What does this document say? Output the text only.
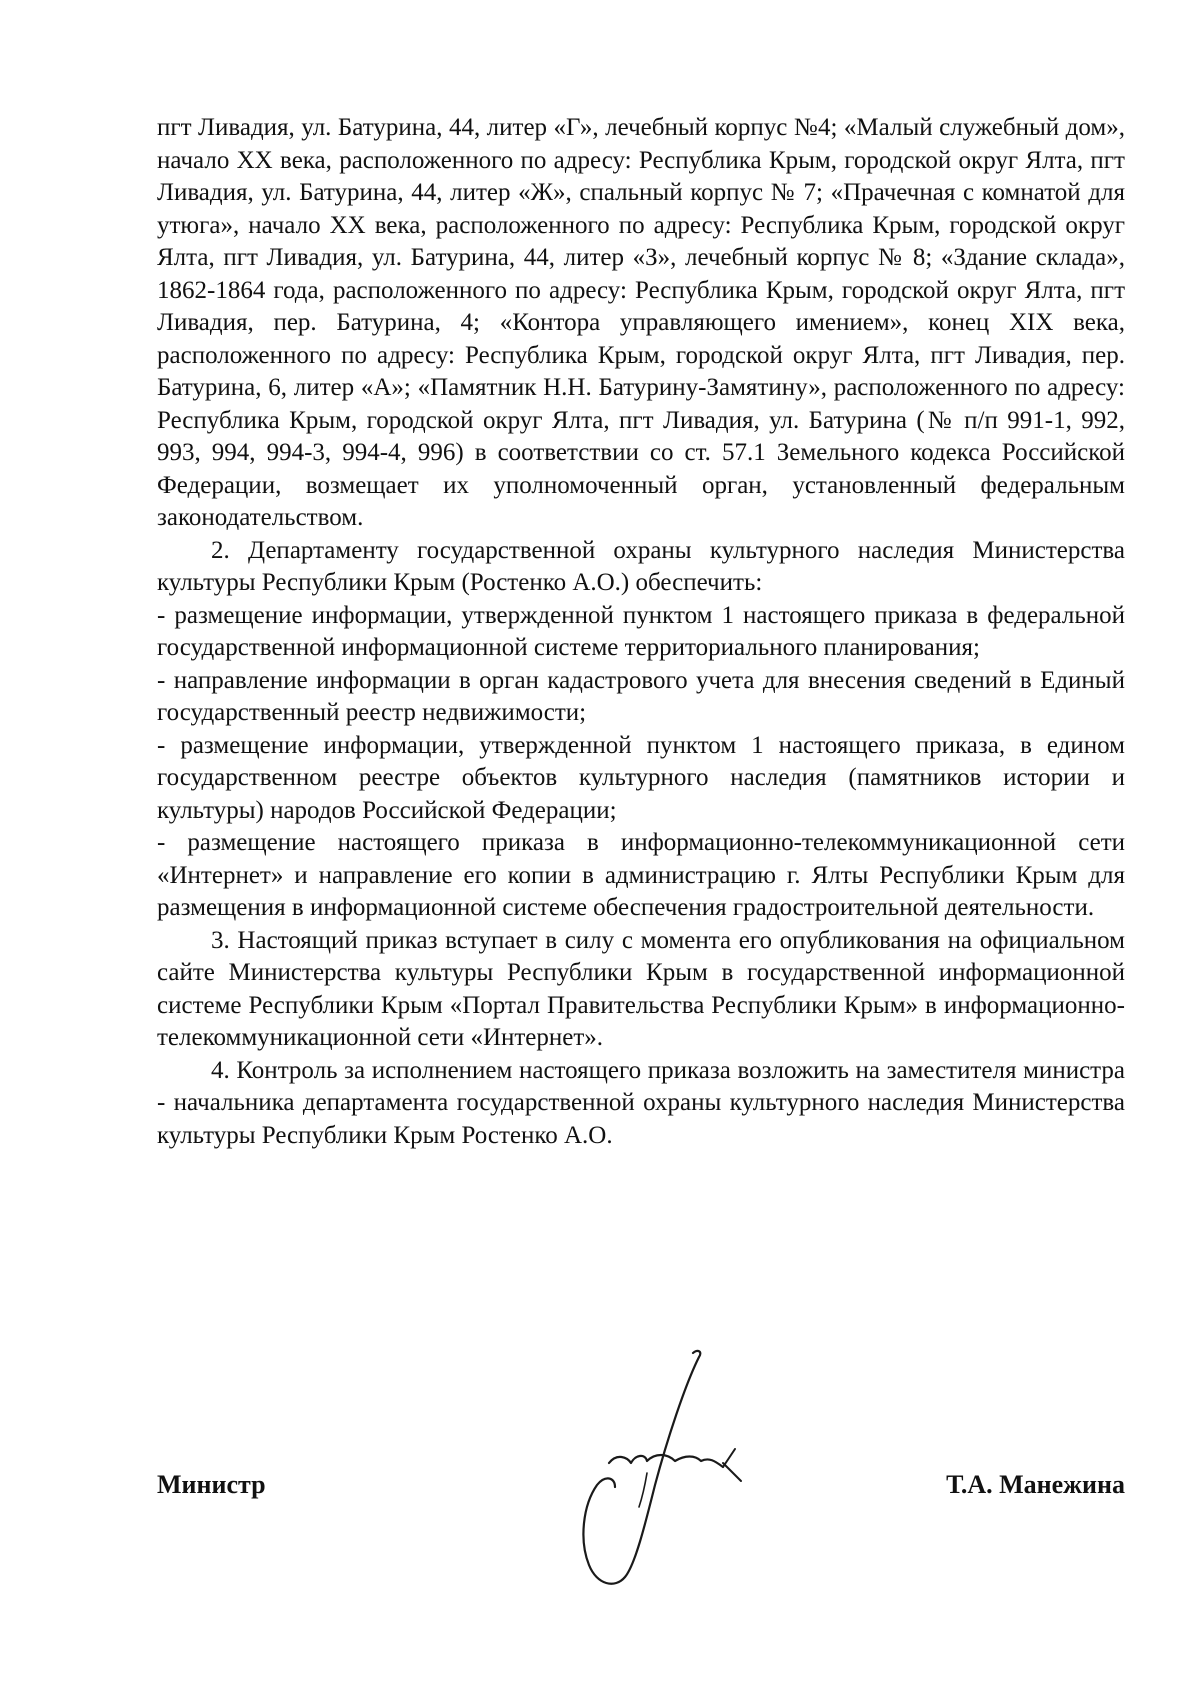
пгт Ливадия, ул. Батурина, 44, литер «Г», лечебный корпус №4; «Малый служебный дом», начало XX века, расположенного по адресу: Республика Крым, городской округ Ялта, пгт Ливадия, ул. Батурина, 44, литер «Ж», спальный корпус № 7; «Прачечная с комнатой для утюга», начало XX века, расположенного по адресу: Республика Крым, городской округ Ялта, пгт Ливадия, ул. Батурина, 44, литер «З», лечебный корпус № 8; «Здание склада», 1862-1864 года, расположенного по адресу: Республика Крым, городской округ Ялта, пгт Ливадия, пер. Батурина, 4; «Контора управляющего имением», конец XIX века, расположенного по адресу: Республика Крым, городской округ Ялта, пгт Ливадия, пер. Батурина, 6, литер «А»; «Памятник Н.Н. Батурину-Замятину», расположенного по адресу: Республика Крым, городской округ Ялта, пгт Ливадия, ул. Батурина (№ п/п 991-1, 992, 993, 994, 994-3, 994-4, 996) в соответствии со ст. 57.1 Земельного кодекса Российской Федерации, возмещает их уполномоченный орган, установленный федеральным законодательством.

2. Департаменту государственной охраны культурного наследия Министерства культуры Республики Крым (Ростенко А.О.) обеспечить:

- размещение информации, утвержденной пунктом 1 настоящего приказа в федеральной государственной информационной системе территориального планирования;

- направление информации в орган кадастрового учета для внесения сведений в Единый государственный реестр недвижимости;

- размещение информации, утвержденной пунктом 1 настоящего приказа, в едином государственном реестре объектов культурного наследия (памятников истории и культуры) народов Российской Федерации;

- размещение настоящего приказа в информационно-телекоммуникационной сети «Интернет» и направление его копии в администрацию г. Ялты Республики Крым для размещения в информационной системе обеспечения градостроительной деятельности.

3. Настоящий приказ вступает в силу с момента его опубликования на официальном сайте Министерства культуры Республики Крым в государственной информационной системе Республики Крым «Портал Правительства Республики Крым» в информационно-телекоммуникационной сети «Интернет».

4. Контроль за исполнением настоящего приказа возложить на заместителя министра - начальника департамента государственной охраны культурного наследия Министерства культуры Республики Крым Ростенко А.О.

Министр	Т.А. Манежина
